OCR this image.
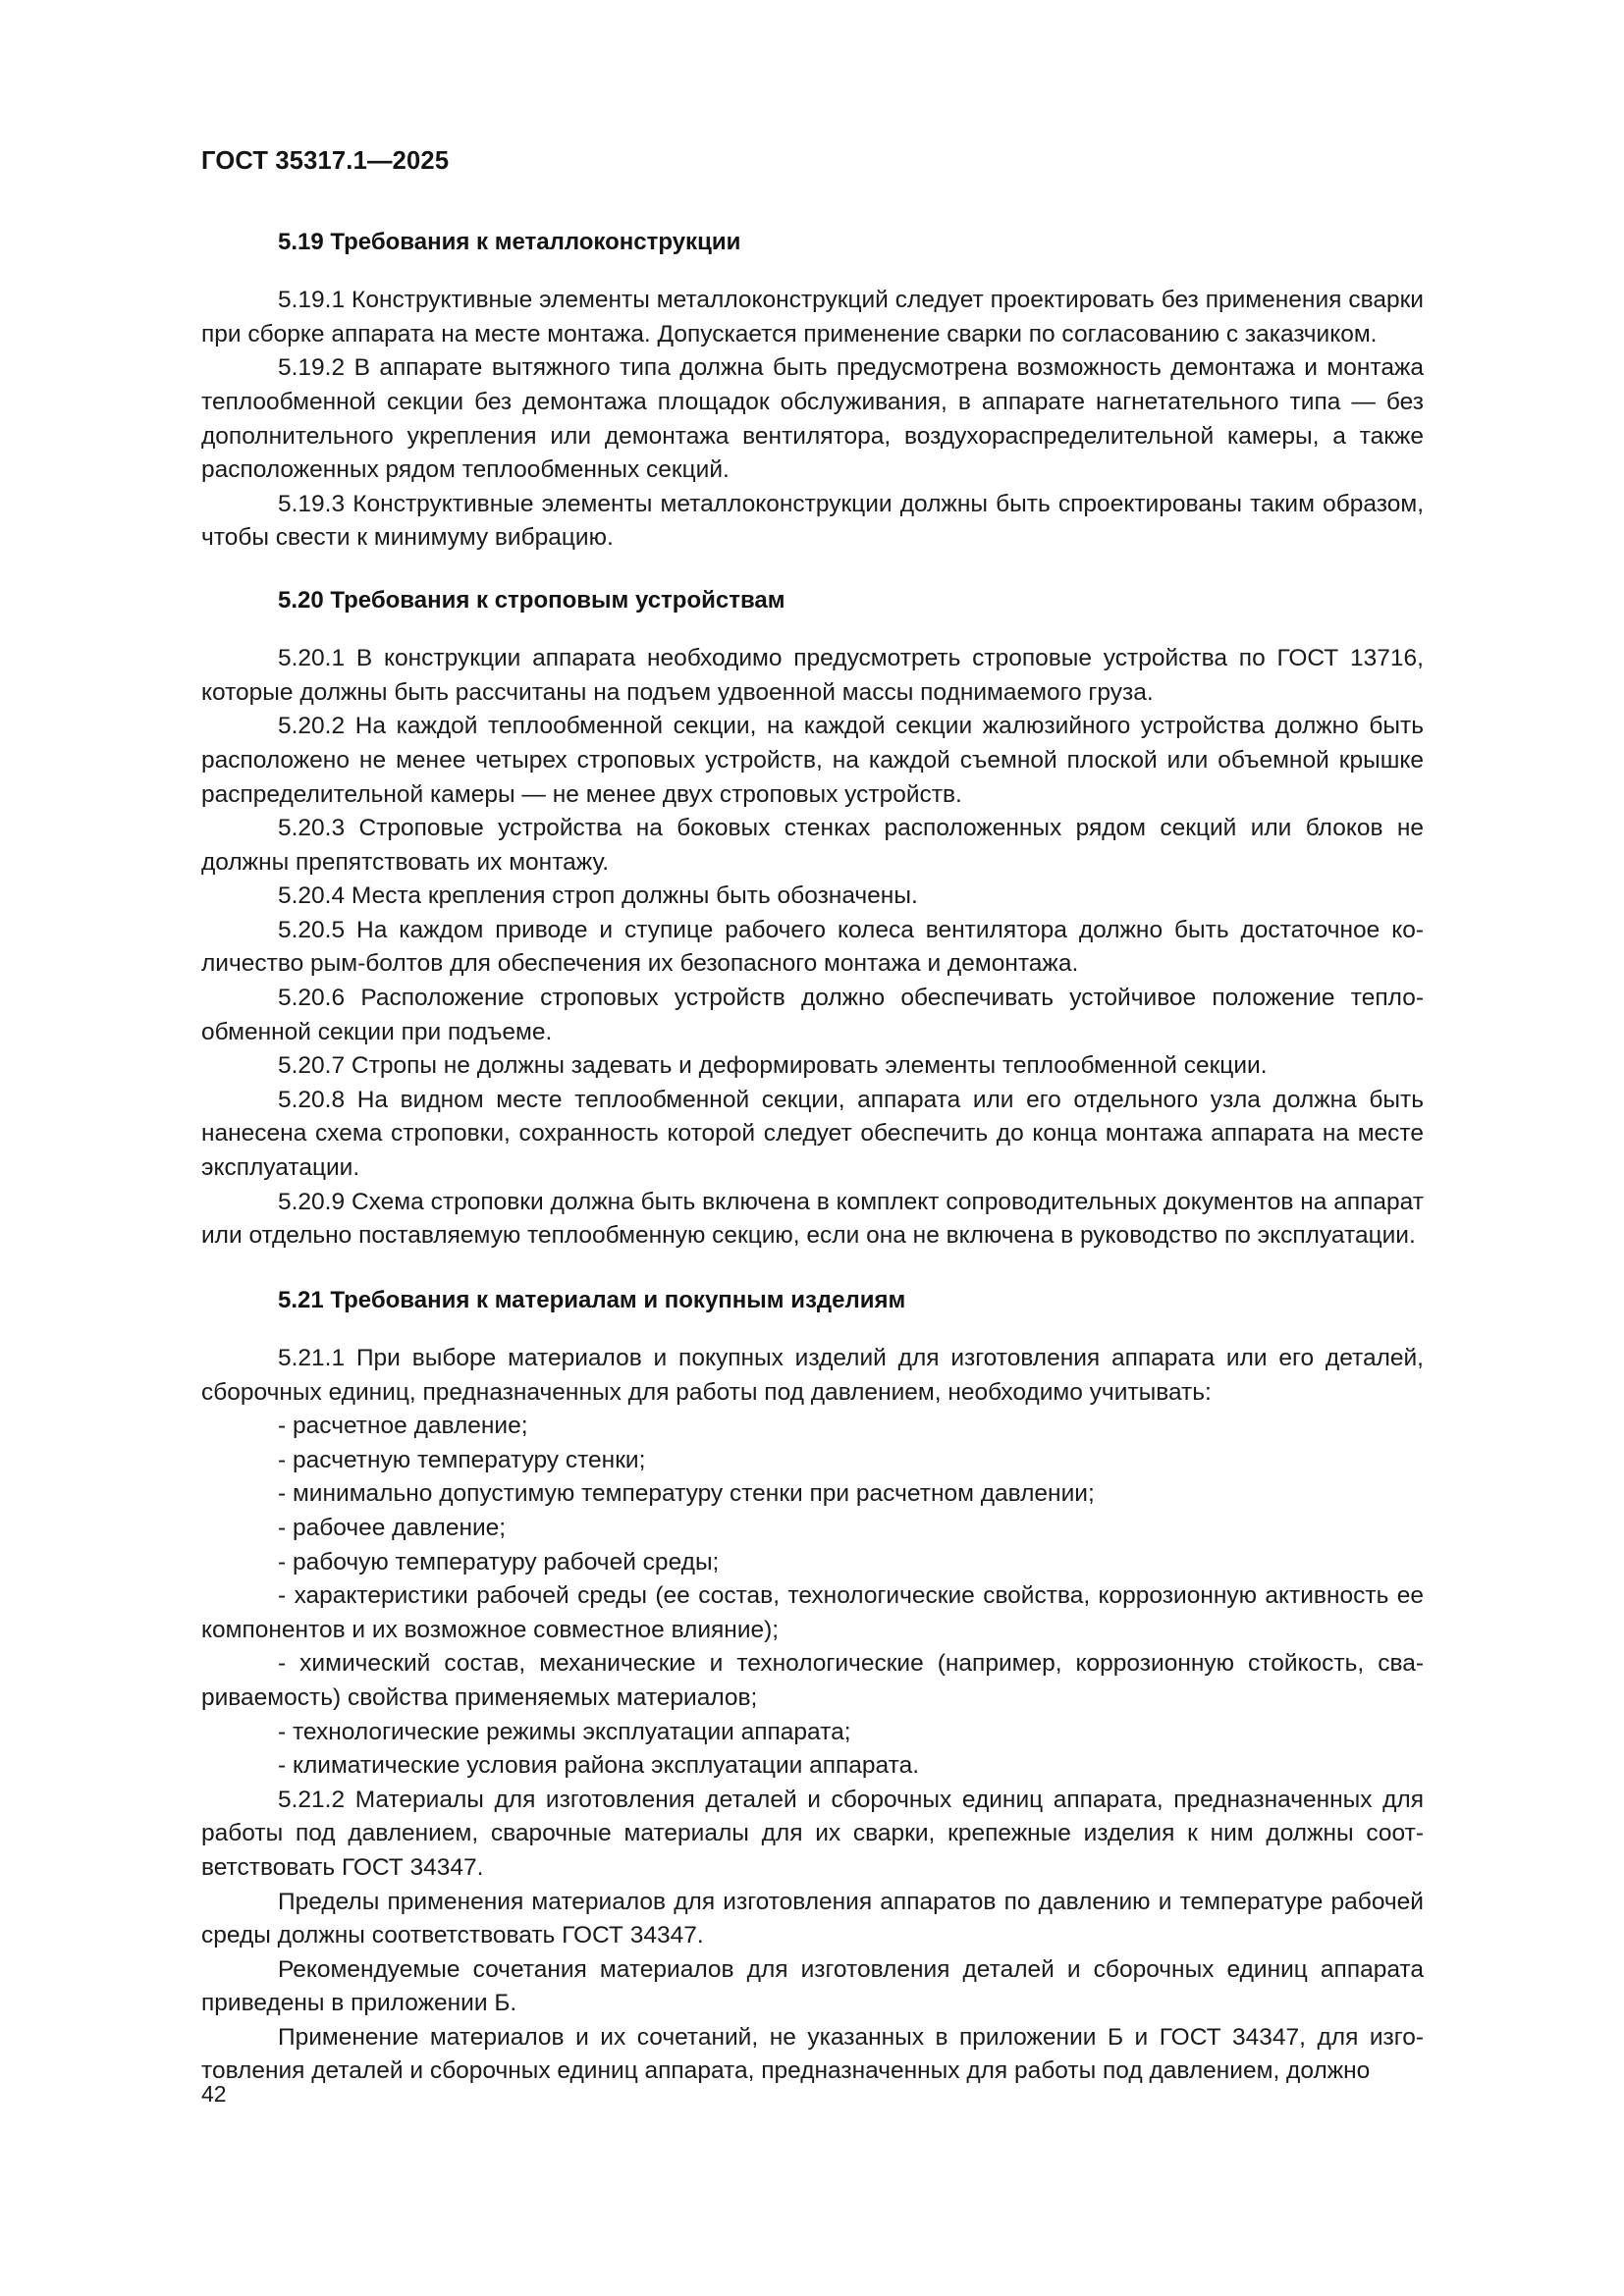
ГОСТ 35317.1—2025
5.19 Требования к металлоконструкции

5.19.1 Конструктивные элементы металлоконструкций следует проектировать без применения сварки при сборке аппарата на месте монтажа. Допускается применение сварки по согласованию с заказчиком.

5.19.2 В аппарате вытяжного типа должна быть предусмотрена возможность демонтажа и монтажа теплообменной секции без демонтажа площадок обслуживания, в аппарате нагнетательного типа — без дополнительного укрепления или демонтажа вентилятора, воздухораспределительной камеры, а также расположенных рядом теплообменных секций.

5.19.3 Конструктивные элементы металлоконструкции должны быть спроектированы таким образом, чтобы свести к минимуму вибрацию.

5.20 Требования к строповым устройствам

5.20.1 В конструкции аппарата необходимо предусмотреть строповые устройства по ГОСТ 13716, которые должны быть рассчитаны на подъем удвоенной массы поднимаемого груза.

5.20.2 На каждой теплообменной секции, на каждой секции жалюзийного устройства должно быть расположено не менее четырех строповых устройств, на каждой съемной плоской или объемной крышке распределительной камеры — не менее двух строповых устройств.

5.20.3 Строповые устройства на боковых стенках расположенных рядом секций или блоков не должны препятствовать их монтажу.

5.20.4 Места крепления строп должны быть обозначены.

5.20.5 На каждом приводе и ступице рабочего колеса вентилятора должно быть достаточное количество рым-болтов для обеспечения их безопасного монтажа и демонтажа.

5.20.6 Расположение строповых устройств должно обеспечивать устойчивое положение теплообменной секции при подъеме.

5.20.7 Стропы не должны задевать и деформировать элементы теплообменной секции.

5.20.8 На видном месте теплообменной секции, аппарата или его отдельного узла должна быть нанесена схема строповки, сохранность которой следует обеспечить до конца монтажа аппарата на месте эксплуатации.

5.20.9 Схема строповки должна быть включена в комплект сопроводительных документов на аппарат или отдельно поставляемую теплообменную секцию, если она не включена в руководство по эксплуатации.

5.21 Требования к материалам и покупным изделиям

5.21.1 При выборе материалов и покупных изделий для изготовления аппарата или его деталей, сборочных единиц, предназначенных для работы под давлением, необходимо учитывать:

- расчетное давление;

- расчетную температуру стенки;

- минимально допустимую температуру стенки при расчетном давлении;

- рабочее давление;

- рабочую температуру рабочей среды;

- характеристики рабочей среды (ее состав, технологические свойства, коррозионную активность ее компонентов и их возможное совместное влияние);

- химический состав, механические и технологические (например, коррозионную стойкость, свариваемость) свойства применяемых материалов;

- технологические режимы эксплуатации аппарата;

- климатические условия района эксплуатации аппарата.

5.21.2 Материалы для изготовления деталей и сборочных единиц аппарата, предназначенных для работы под давлением, сварочные материалы для их сварки, крепежные изделия к ним должны соответствовать ГОСТ 34347.

Пределы применения материалов для изготовления аппаратов по давлению и температуре рабочей среды должны соответствовать ГОСТ 34347.

Рекомендуемые сочетания материалов для изготовления деталей и сборочных единиц аппарата приведены в приложении Б.

Применение материалов и их сочетаний, не указанных в приложении Б и ГОСТ 34347, для изготовления деталей и сборочных единиц аппарата, предназначенных для работы под давлением, должно

42
